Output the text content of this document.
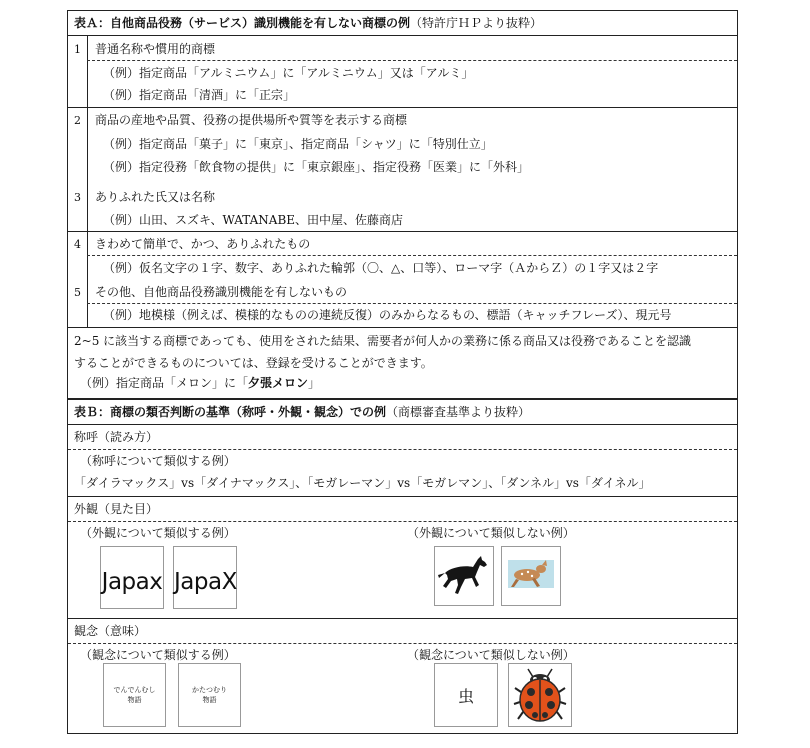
表Ａ：自他商品役務（サービス）識別機能を有しない商標の例（特許庁ＨＰより抜粋）
1 普通名称や慣用的商標
（例）指定商品「アルミニウム」に「アルミニウム」又は「アルミ」
（例）指定商品「清酒」に「正宗」
2 商品の産地や品質、役務の提供場所や質等を表示する商標
（例）指定商品「菓子」に「東京」、指定商品「シャツ」に「特別仕立」
（例）指定役務「飲食物の提供」に「東京銀座」、指定役務「医業」に「外科」
3 ありふれた氏又は名称
（例）山田、スズキ、WATANABE、田中屋、佐藤商店
4 きわめて簡単で、かつ、ありふれたもの
（例）仮名文字の１字、数字、ありふれた輪郭（〇、△、口等）、ローマ字（ＡからＺ）の１字又は２字
5 その他、自他商品役務識別機能を有しないもの
（例）地模様（例えば、模様的なものの連続反復）のみからなるもの、標語（キャッチフレーズ）、現元号
2~5 に該当する商標であっても、使用をされた結果、需要者が何人かの業務に係る商品又は役務であることを認識
することができるものについては、登録を受けることができます。
（例）指定商品「メロン」に「夕張メロン」
表Ｂ：商標の類否判断の基準（称呼・外観・観念）での例（商標審査基準より抜粋）
称呼（読み方）
（称呼について類似する例）
「ダイラマックス」vs「ダイナマックス」、「モガレーマン」vs「モガレマン」、「ダンネル」vs「ダイネル」
外観（見た目）
（外観について類似する例）	（外観について類似しない例）
Japax JapaX
観念（意味）
（観念について類似する例）	（観念について類似しない例）
でんでんむし
物語
かたつむり
物語	虫
